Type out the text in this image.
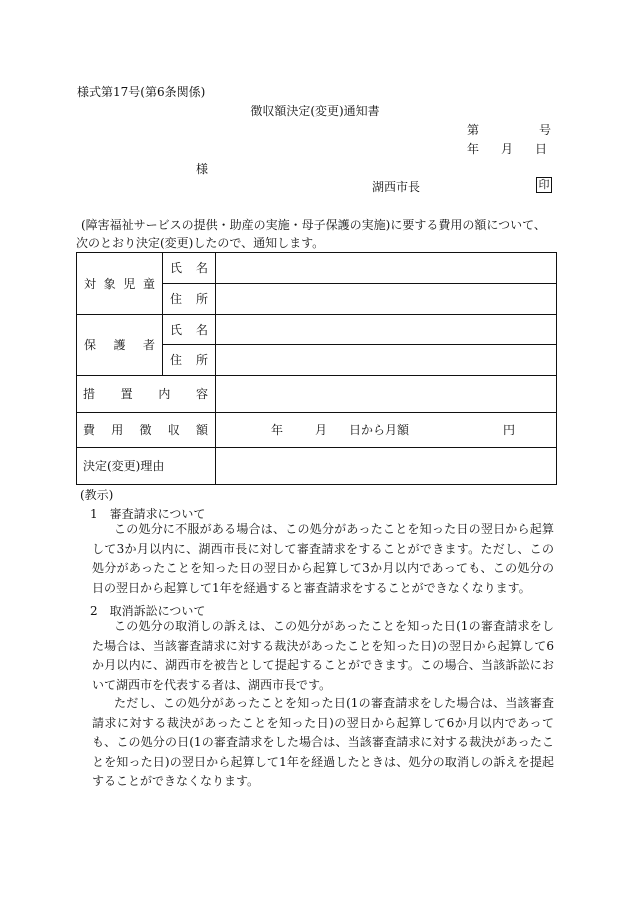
様式第17号(第6条関係)
徴収額決定(変更)通知書
第	号
年 月 日
様
湖西市長	印
(障害福祉サービスの提供・助産の実施・母子保護の実施)に要する費用の額について、
次のとおり決定(変更)したので、通知します。
対 象 児 童	氏 名	

	住 所	

保 護 者	氏 名	

	住 所	

措 置 内 容		

費 用 徴 収 額		年 月 日から月額 円
決定(変更)理由		
(教示)
1　審査請求について
この処分に不服がある場合は、この処分があったことを知った日の翌日から起算して3か月以内に、湖西市長に対して審査請求をすることができます。ただし、この処分があったことを知った日の翌日から起算して3か月以内であっても、この処分の日の翌日から起算して1年を経過すると審査請求をすることができなくなります。
2　取消訴訟について
この処分の取消しの訴えは、この処分があったことを知った日(1の審査請求をした場合は、当該審査請求に対する裁決があったことを知った日)の翌日から起算して6か月以内に、湖西市を被告として提起することができます。この場合、当該訴訟において湖西市を代表する者は、湖西市長です。
ただし、この処分があったことを知った日(1の審査請求をした場合は、当該審査請求に対する裁決があったことを知った日)の翌日から起算して6か月以内であっても、この処分の日(1の審査請求をした場合は、当該審査請求に対する裁決があったことを知った日)の翌日から起算して1年を経過したときは、処分の取消しの訴えを提起することができなくなります。
